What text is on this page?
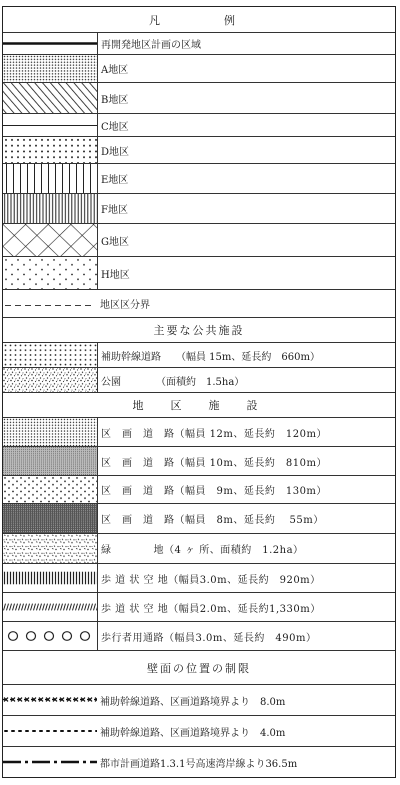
凡　　例
再開発地区計画の区域
A地区
B地区
C地区
D地区
E地区
F地区
G地区
H地区
地区区分界
主要な公共施設
補助幹線道路　　（幅員 15m、延長約　660m）
公園　　　　（面積約　1.5ha）
地　区　施　設
区　画　道　路（幅員 12m、延長約　120m）
区　画　道　路（幅員 10m、延長約　810m）
区　画　道　路（幅員　9m、延長約　130m）
区　画　道　路（幅員　8m、延長約　 55m）
緑　　　　地（4 ヶ 所、面積約　1.2ha）
歩 道 状 空 地（幅員3.0m、延長約　920m）
歩 道 状 空 地（幅員2.0m、延長約1,330m）
歩行者用通路（幅員3.0m、延長約　490m）
壁面の位置の制限
補助幹線道路、区画道路境界より　8.0m
補助幹線道路、区画道路境界より　4.0m
都市計画道路1.3.1号高速湾岸線より36.5m
